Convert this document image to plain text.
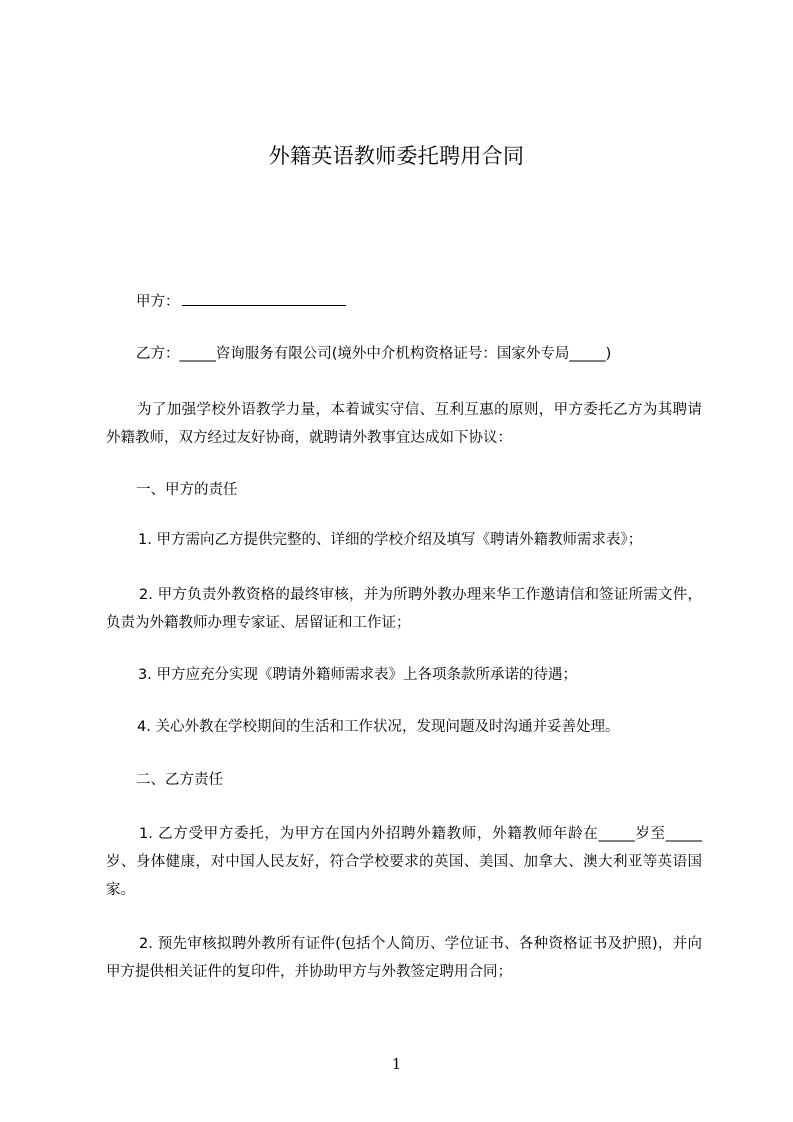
外籍英语教师委托聘用合同
甲方：
乙方：_____咨询服务有限公司(境外中介机构资格证号：国家外专局_____)
为了加强学校外语教学力量，本着诚实守信、互利互惠的原则，甲方委托乙方为其聘请外籍教师，双方经过友好协商，就聘请外教事宜达成如下协议：
一、甲方的责任
1. 甲方需向乙方提供完整的、详细的学校介绍及填写《聘请外籍教师需求表》；
2. 甲方负责外教资格的最终审核，并为所聘外教办理来华工作邀请信和签证所需文件，负责为外籍教师办理专家证、居留证和工作证；
3. 甲方应充分实现《聘请外籍师需求表》上各项条款所承诺的待遇；
4. 关心外教在学校期间的生活和工作状况，发现问题及时沟通并妥善处理。
二、乙方责任
1. 乙方受甲方委托，为甲方在国内外招聘外籍教师，外籍教师年龄在_____岁至_____岁、身体健康，对中国人民友好，符合学校要求的英国、美国、加拿大、澳大利亚等英语国家。
2. 预先审核拟聘外教所有证件(包括个人简历、学位证书、各种资格证书及护照)，并向甲方提供相关证件的复印件，并协助甲方与外教签定聘用合同；
1
